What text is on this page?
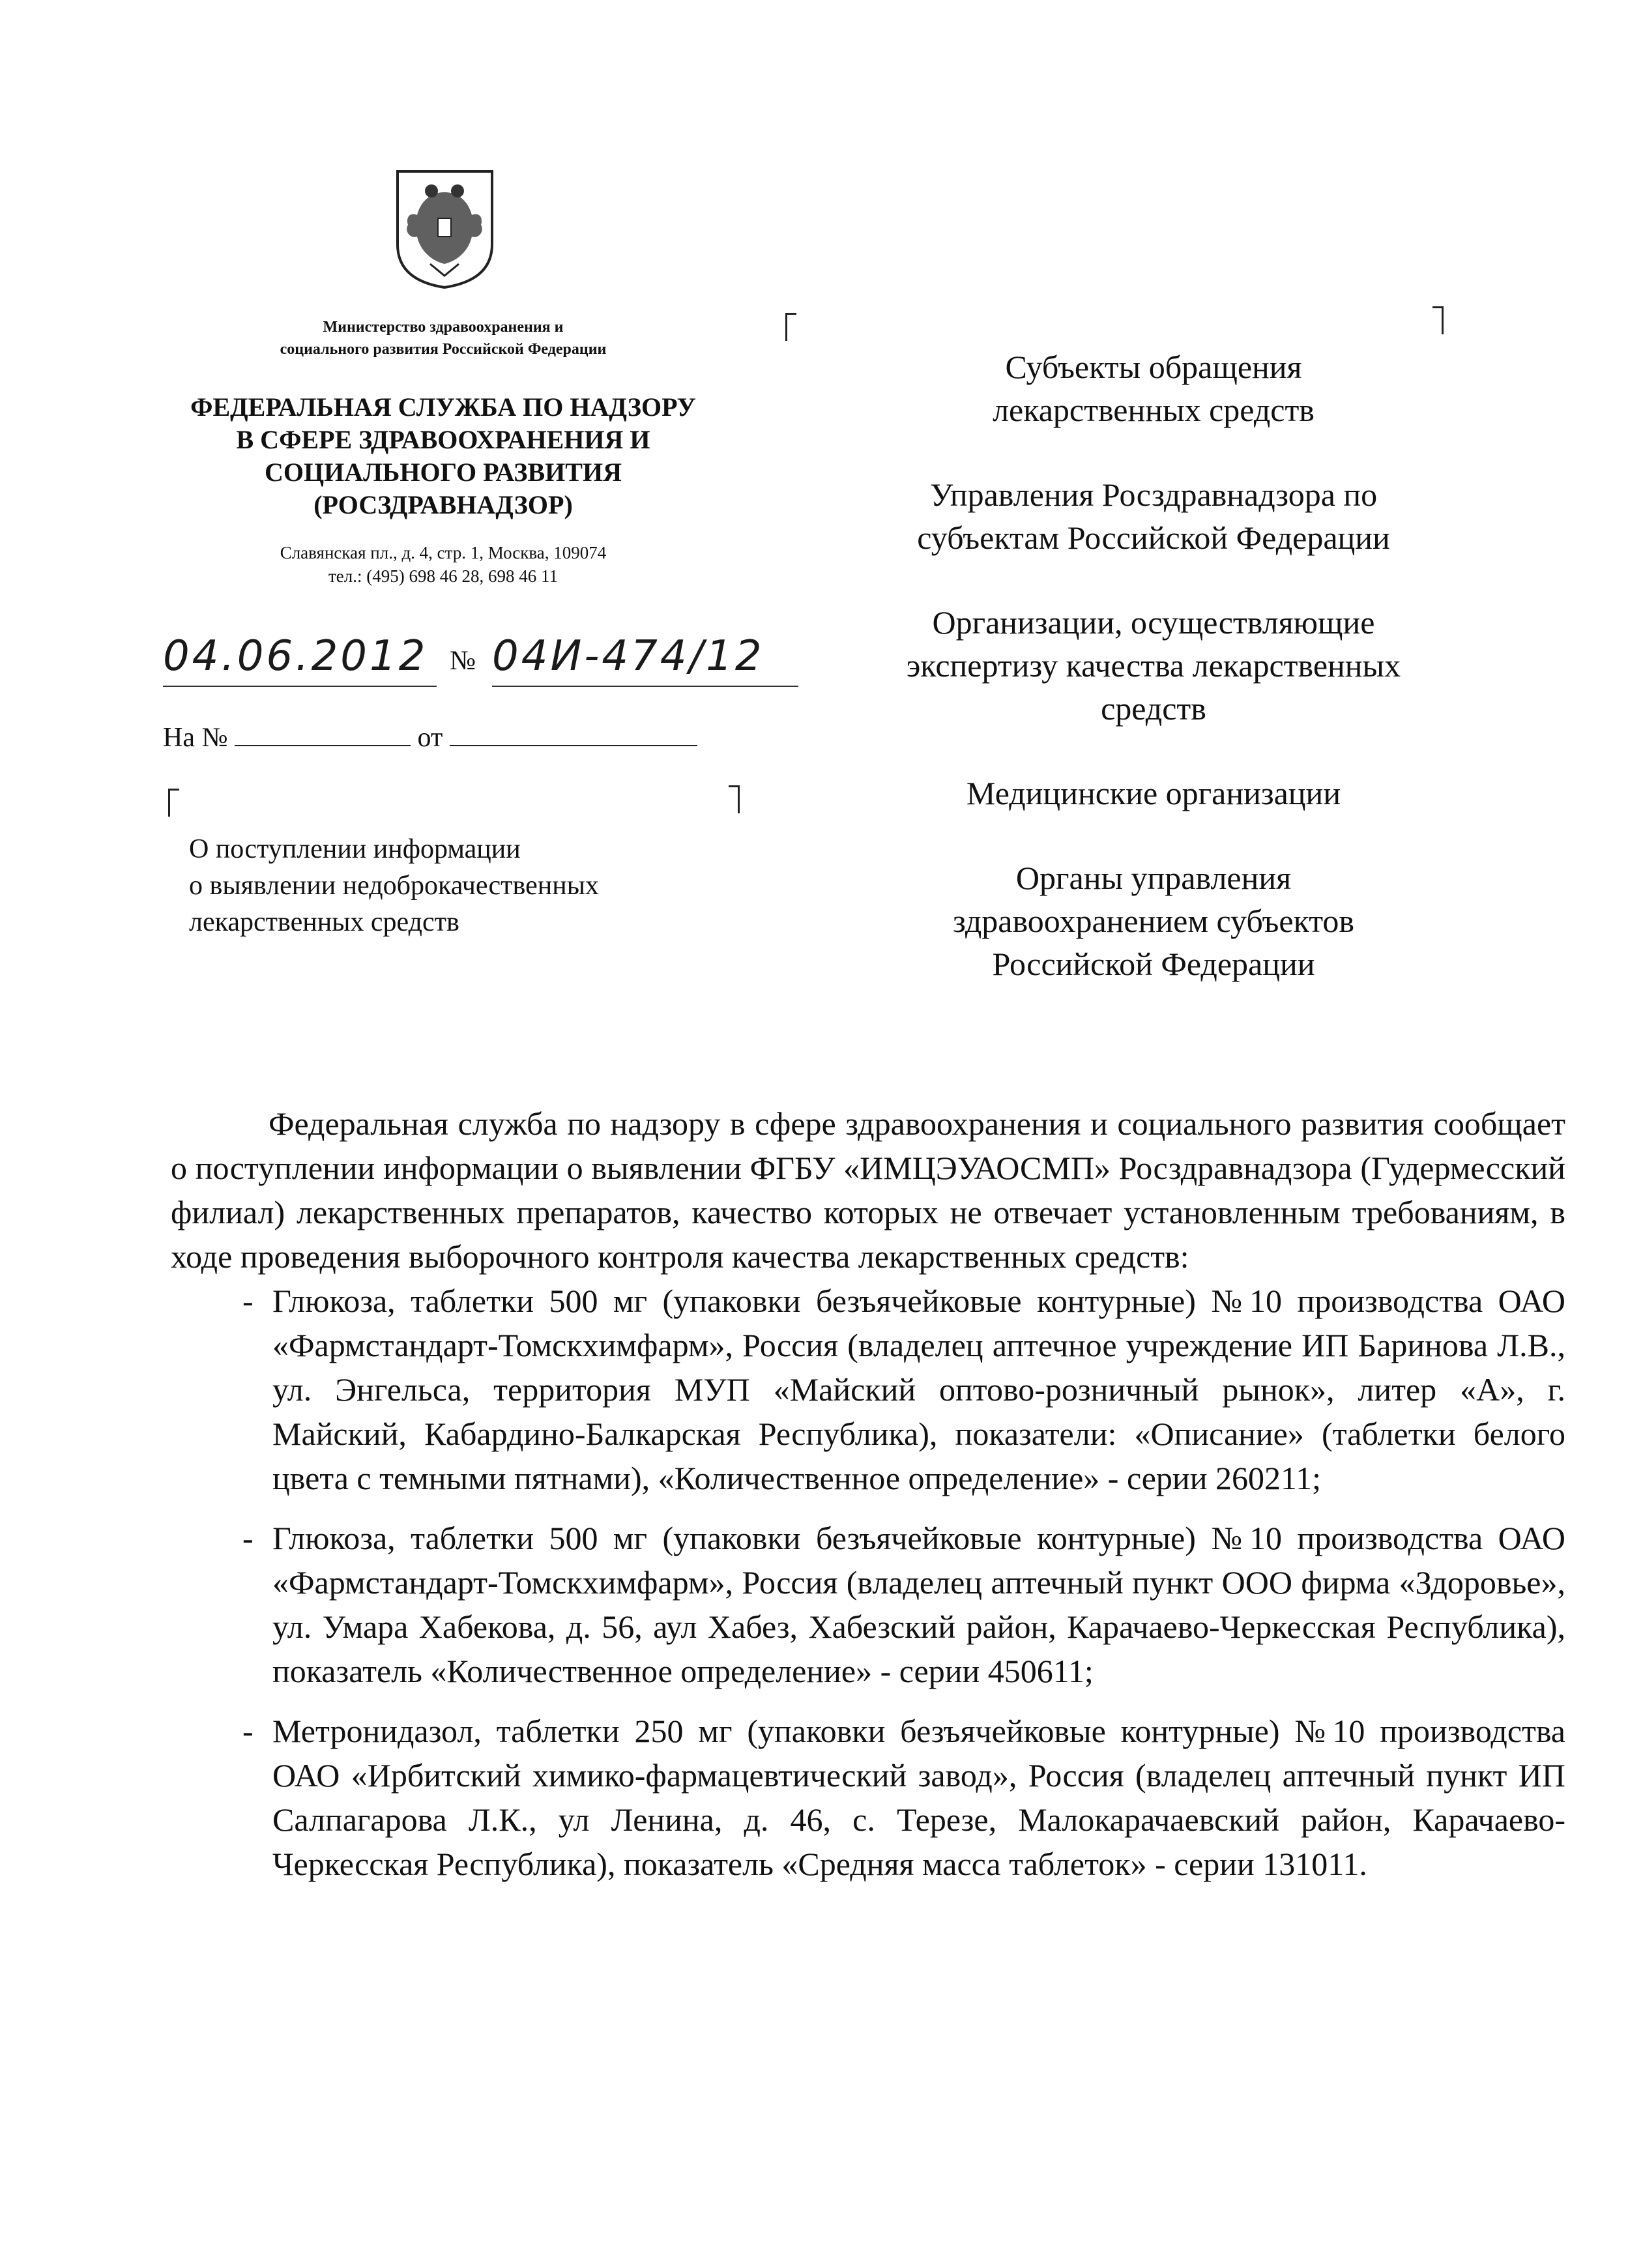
Министерство здравоохранения и
социального развития Российской Федерации
ФЕДЕРАЛЬНАЯ СЛУЖБА ПО НАДЗОРУ
В СФЕРЕ ЗДРАВООХРАНЕНИЯ И
СОЦИАЛЬНОГО РАЗВИТИЯ
(РОСЗДРАВНАДЗОР)
Славянская пл., д. 4, стр. 1, Москва, 109074
тел.: (495) 698 46 28, 698 46 11
04.06.2012 № 04И-474/12
На №	от
О поступлении информации
о выявлении недоброкачественных
лекарственных средств
Субъекты обращения
лекарственных средств
Управления Росздравнадзора по
субъектам Российской Федерации
Организации, осуществляющие
экспертизу качества лекарственных
средств
Медицинские организации
Органы управления
здравоохранением субъектов
Российской Федерации

Федеральная служба по надзору в сфере здравоохранения и социального развития сообщает о поступлении информации о выявлении ФГБУ «ИМЦЭУАОСМП» Росздравнадзора (Гудермесский филиал) лекарственных препаратов, качество которых не отвечает установленным требованиям, в ходе проведения выборочного контроля качества лекарственных средств:

- Глюкоза, таблетки 500 мг (упаковки безъячейковые контурные) №10 производства ОАО «Фармстандарт-Томскхимфарм», Россия (владелец аптечное учреждение ИП Баринова Л.В., ул. Энгельса, территория МУП «Майский оптово-розничный рынок», литер «А», г. Майский, Кабардино-Балкарская Республика), показатели: «Описание» (таблетки белого цвета с темными пятнами), «Количественное определение» - серии 260211;
- Глюкоза, таблетки 500 мг (упаковки безъячейковые контурные) №10 производства ОАО «Фармстандарт-Томскхимфарм», Россия (владелец аптечный пункт ООО фирма «Здоровье», ул. Умара Хабекова, д. 56, аул Хабез, Хабезский район, Карачаево-Черкесская Республика), показатель «Количественное определение» - серии 450611;
- Метронидазол, таблетки 250 мг (упаковки безъячейковые контурные) №10 производства ОАО «Ирбитский химико-фармацевтический завод», Россия (владелец аптечный пункт ИП Салпагарова Л.К., ул Ленина, д. 46, с. Терезе, Малокарачаевский район, Карачаево-Черкесская Республика), показатель «Средняя масса таблеток» - серии 131011.
